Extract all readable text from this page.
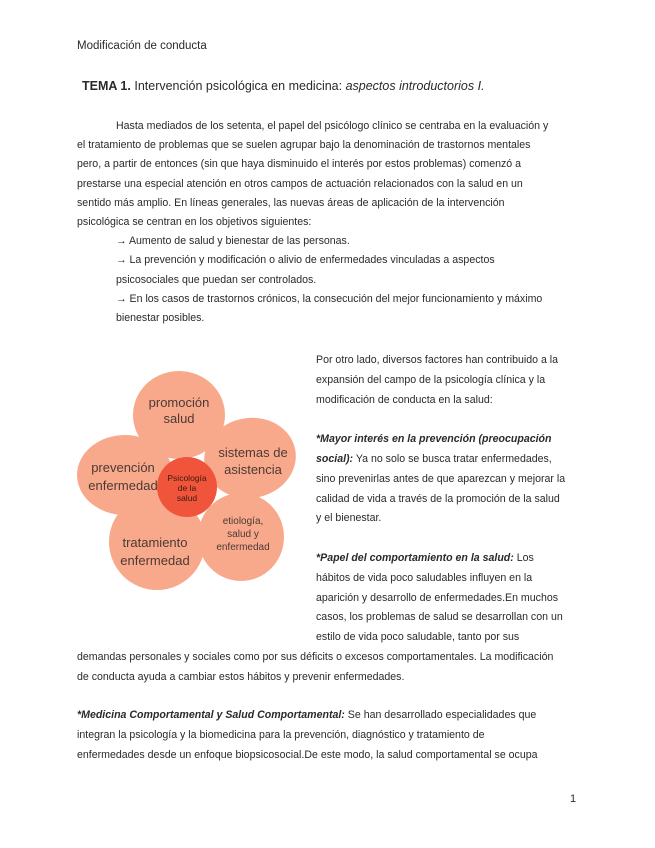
Modificación de conducta
TEMA 1. Intervención psicológica en medicina: aspectos introductorios I.
Hasta mediados de los setenta, el papel del psicólogo clínico se centraba en la evaluación y
el tratamiento de problemas que se suelen agrupar bajo la denominación de trastornos mentales
pero, a partir de entonces (sin que haya disminuido el interés por estos problemas) comenzó a
prestarse una especial atención en otros campos de actuación relacionados con la salud en un
sentido más amplio. En líneas generales, las nuevas áreas de aplicación de la intervención
psicológica se centran en los objetivos siguientes:
→ Aumento de salud y bienestar de las personas.
→ La prevención y modificación o alivio de enfermedades vinculadas a aspectos
psicosociales que puedan ser controlados.
→ En los casos de trastornos crónicos, la consecución del mejor funcionamiento y máximo
bienestar posibles.
promoción
salud
sistemas de
asistencia
prevención
enfermedad
tratamiento
enfermedad
etiología,
salud y
enfermedad
Psicología
de la
salud
Por otro lado, diversos factores han contribuido a la
expansión del campo de la psicología clínica y la
modificación de conducta en la salud:
*Mayor interés en la prevención (preocupación
social): Ya no solo se busca tratar enfermedades,
sino prevenirlas antes de que aparezcan y mejorar la
calidad de vida a través de la promoción de la salud
y el bienestar.
*Papel del comportamiento en la salud: Los
hábitos de vida poco saludables influyen en la
aparición y desarrollo de enfermedades.En muchos
casos, los problemas de salud se desarrollan con un
estilo de vida poco saludable, tanto por sus
demandas personales y sociales como por sus déficits o excesos comportamentales. La modificación
de conducta ayuda a cambiar estos hábitos y prevenir enfermedades.
*Medicina Comportamental y Salud Comportamental: Se han desarrollado especialidades que
integran la psicología y la biomedicina para la prevención, diagnóstico y tratamiento de
enfermedades desde un enfoque biopsicosocial.De este modo, la salud comportamental se ocupa
1
